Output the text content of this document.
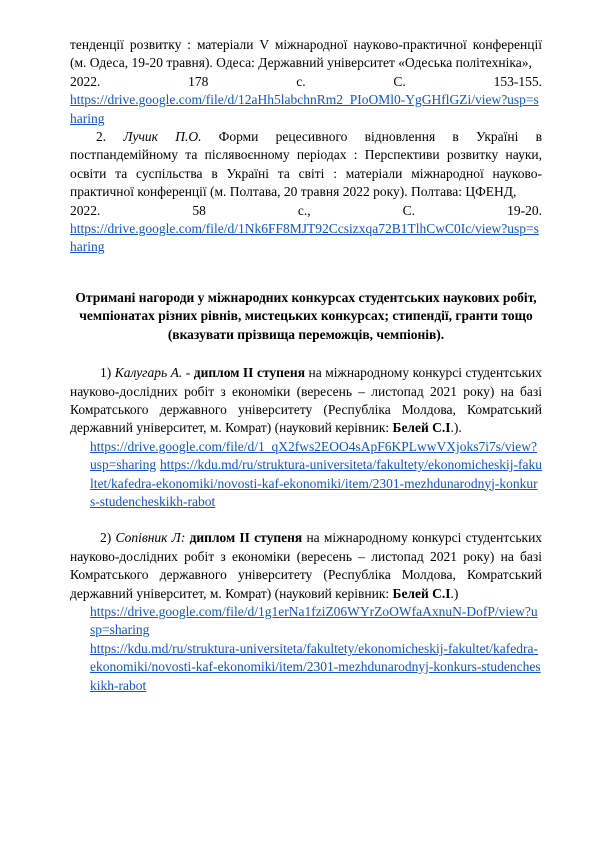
тенденції розвитку : матеріали V міжнародної науково-практичної конференції (м. Одеса, 19-20 травня). Одеса: Державний університет «Одеська політехніка»,

2022.	178	с.	С.	153-155.

https://drive.google.com/file/d/12aHh5labchnRm2_PIoOMl0-YgGHflGZi/view?usp=sharing

2. Лучик П.О. Форми рецесивного відновлення в Україні в постпандемійному та післявоєнному періодах : Перспективи розвитку науки, освіти та суспільства в Україні та світі : матеріали міжнародної науково-практичної конференції (м. Полтава, 20 травня 2022 року). Полтава: ЦФЕНД,

2022.	58	с.,	С.	19-20.

https://drive.google.com/file/d/1Nk6FF8MJT92Ccsizxqa72B1TlhCwC0Ic/view?usp=sharing

Отримані нагороди у міжнародних конкурсах студентських наукових робіт, чемпіонатах різних рівнів, мистецьких конкурсах; стипендії, гранти тощо (вказувати прізвища переможців, чемпіонів).

1) Калугарь А. - диплом ІІ ступеня на міжнародному конкурсі студентських науково-дослідних робіт з економіки (вересень – листопад 2021 року) на базі Комратського державного університету (Республіка Молдова, Комратський державний університет, м. Комрат) (науковий керівник: Белей С.І.).

https://drive.google.com/file/d/1_qX2fws2EOO4sApF6KPLwwVXjoks7i7s/view?usp=sharing https://kdu.md/ru/struktura-universiteta/fakultety/ekonomicheskij-fakultet/kafedra-ekonomiki/novosti-kaf-ekonomiki/item/2301-mezhdunarodnyj-konkurs-studencheskikh-rabot

2) Сопівник Л: диплом ІІ ступеня на міжнародному конкурсі студентських науково-дослідних робіт з економіки (вересень – листопад 2021 року) на базі Комратського державного університету (Республіка Молдова, Комратський державний університет, м. Комрат) (науковий керівник: Белей С.І.)

https://drive.google.com/file/d/1g1erNa1fziZ06WYrZoOWfaAxnuN-DofP/view?usp=sharing

https://kdu.md/ru/struktura-universiteta/fakultety/ekonomicheskij-fakultet/kafedra-ekonomiki/novosti-kaf-ekonomiki/item/2301-mezhdunarodnyj-konkurs-studencheskikh-rabot
